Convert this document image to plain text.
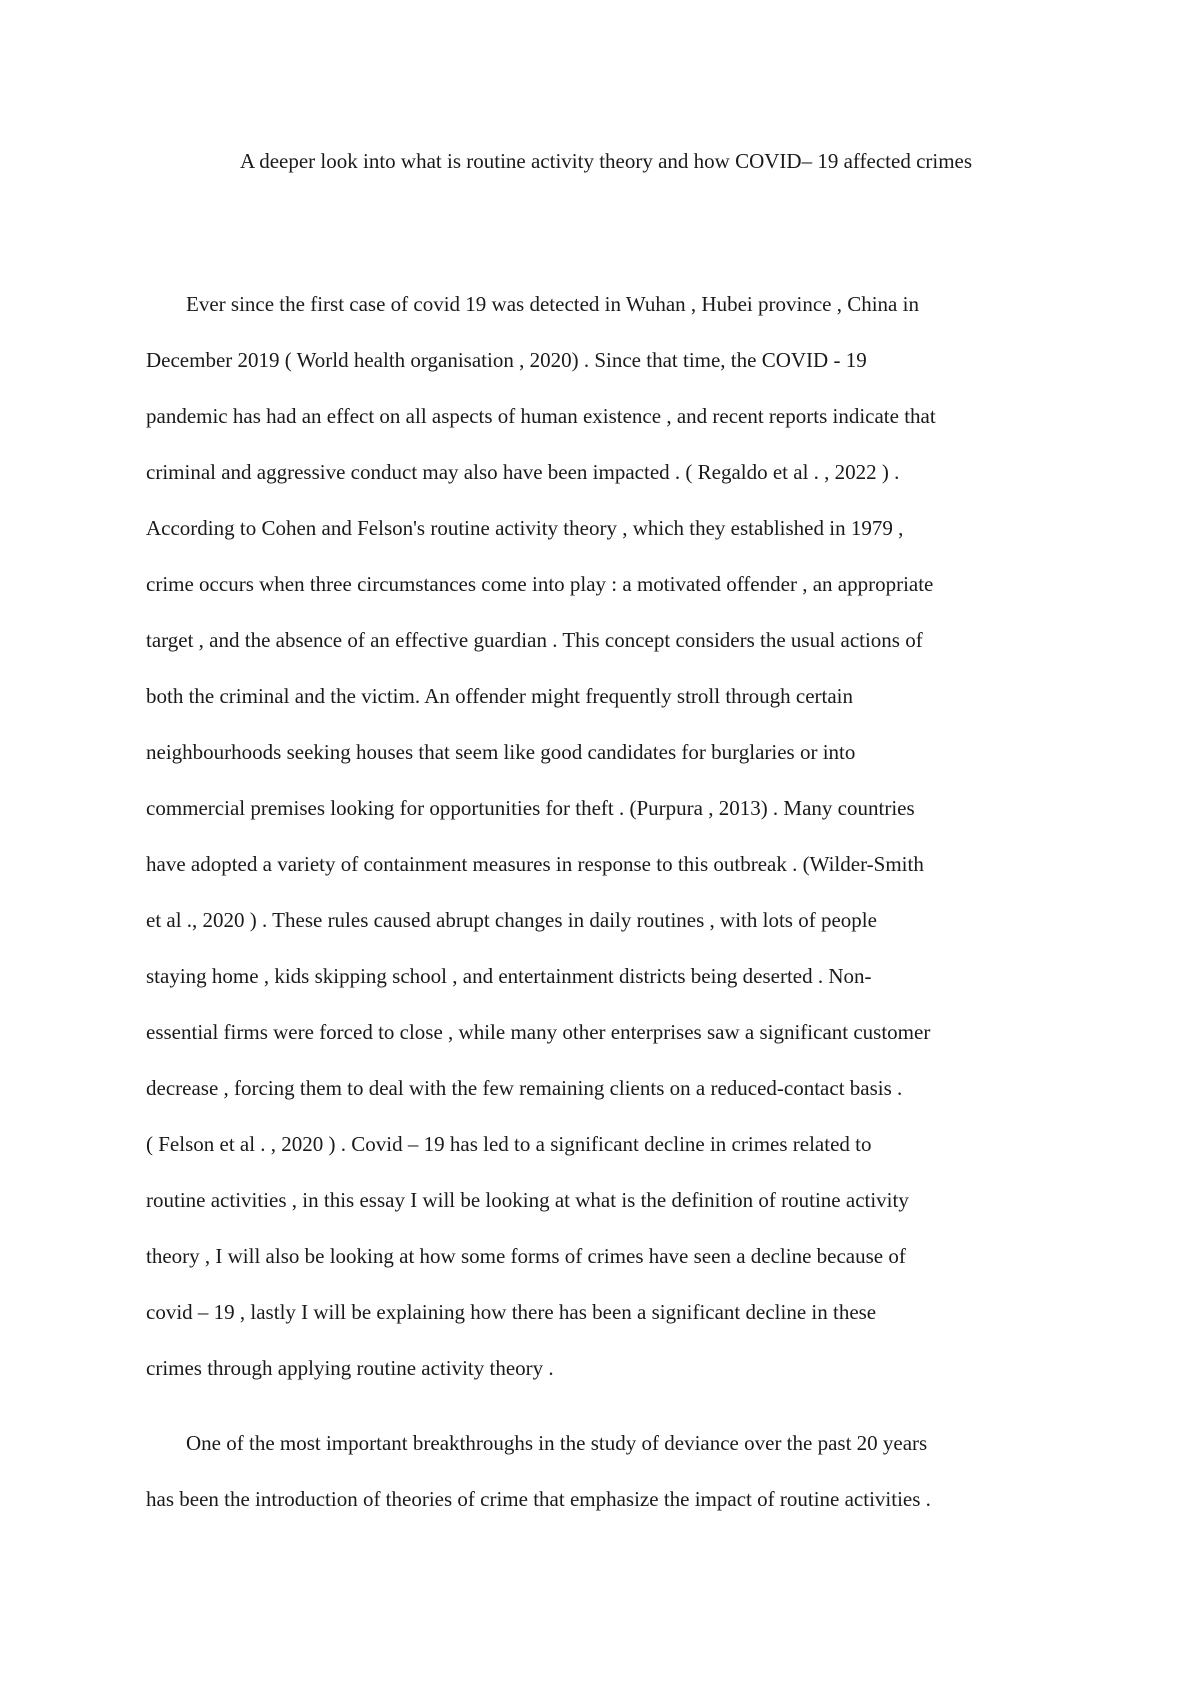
A deeper look into what is routine activity theory and how COVID– 19 affected crimes
Ever since the first case of covid 19 was detected in Wuhan , Hubei province , China in
December 2019 ( World health organisation , 2020) . Since that time, the COVID - 19
pandemic has had an effect on all aspects of human existence , and recent reports indicate that
criminal and aggressive conduct may also have been impacted . ( Regaldo et al . , 2022 ) .
According to Cohen and Felson's routine activity theory , which they established in 1979 ,
crime occurs when three circumstances come into play : a motivated offender , an appropriate
target , and the absence of an effective guardian . This concept considers the usual actions of
both the criminal and the victim. An offender might frequently stroll through certain
neighbourhoods seeking houses that seem like good candidates for burglaries or into
commercial premises looking for opportunities for theft . (Purpura , 2013) . Many countries
have adopted a variety of containment measures in response to this outbreak . (Wilder-Smith
et al ., 2020 ) . These rules caused abrupt changes in daily routines , with lots of people
staying home , kids skipping school , and entertainment districts being deserted . Non-
essential firms were forced to close , while many other enterprises saw a significant customer
decrease , forcing them to deal with the few remaining clients on a reduced-contact basis .
( Felson et al . , 2020 ) . Covid – 19 has led to a significant decline in crimes related to
routine activities , in this essay I will be looking at what is the definition of routine activity
theory , I will also be looking at how some forms of crimes have seen a decline because of
covid – 19 , lastly I will be explaining how there has been a significant decline in these
crimes through applying routine activity theory .
One of the most important breakthroughs in the study of deviance over the past 20 years
has been the introduction of theories of crime that emphasize the impact of routine activities .
